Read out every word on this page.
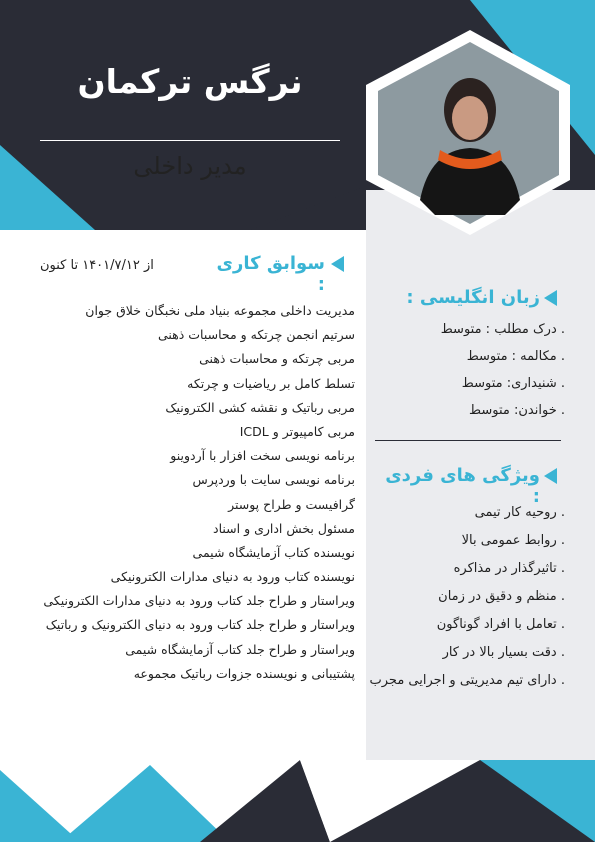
نرگس ترکمان
مدیر داخلی
سوابق کاری :
از ۱۴۰۱/۷/۱۲ تا کنون
مدیریت داخلی مجموعه بنیاد ملی نخبگان خلاق جوان
سرتیم انجمن چرتکه و محاسبات ذهنی
مربی چرتکه و محاسبات ذهنی
تسلط کامل بر ریاضیات و چرتکه
مربی رباتیک و نقشه کشی الکترونیک
مربی کامپیوتر و ICDL
برنامه نویسی سخت افزار با آردوینو
برنامه نویسی سایت با وردپرس
گرافیست و طراح پوستر
مسئول بخش اداری و اسناد
نویسنده کتاب آزمایشگاه شیمی
نویسنده کتاب ورود به دنیای مدارات الکترونیکی
ویراستار و طراح جلد کتاب ورود به دنیای مدارات الکترونیکی
ویراستار و طراح جلد کتاب ورود به دنیای الکترونیک و رباتیک
ویراستار و طراح جلد کتاب آزمایشگاه شیمی
پشتیبانی و نویسنده جزوات رباتیک مجموعه
زبان انگلیسی :
. درک مطلب : متوسط
. مکالمه : متوسط
. شنیداری: متوسط
. خواندن: متوسط
ویژگی های فردی :
. روحیه کار تیمی
. روابط عمومی بالا
. تاثیرگذار در مذاکره
. منظم و دقیق در زمان
. تعامل با افراد گوناگون
. دقت بسیار بالا در کار
. دارای تیم مدیریتی و اجرایی مجرب
